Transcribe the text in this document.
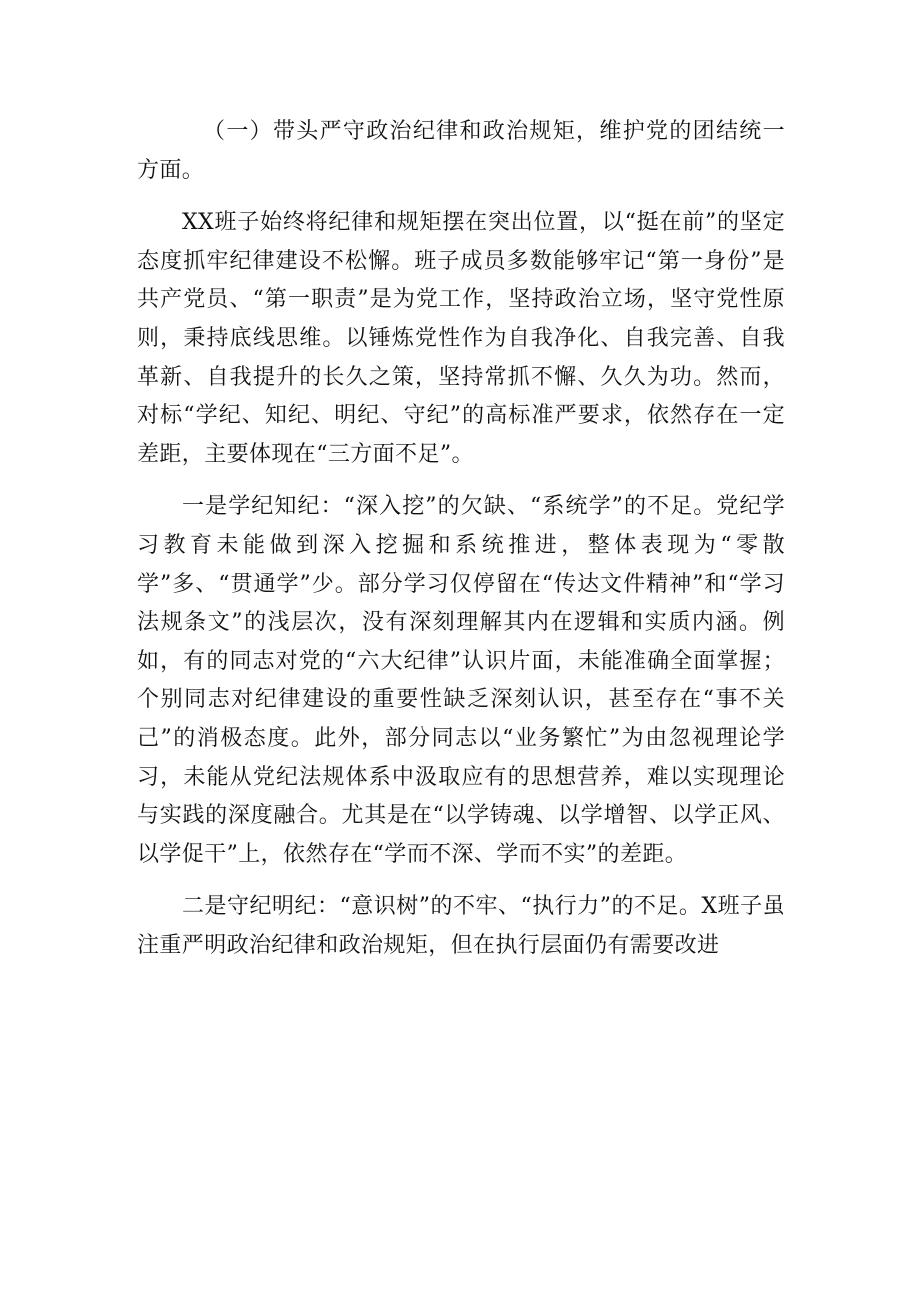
（一）带头严守政治纪律和政治规矩，维护党的团结统一方面。

XX班子始终将纪律和规矩摆在突出位置，以“挺在前”的坚定态度抓牢纪律建设不松懈。班子成员多数能够牢记“第一身份”是共产党员、“第一职责”是为党工作，坚持政治立场，坚守党性原则，秉持底线思维。以锤炼党性作为自我净化、自我完善、自我革新、自我提升的长久之策，坚持常抓不懈、久久为功。然而，对标“学纪、知纪、明纪、守纪”的高标准严要求，依然存在一定差距，主要体现在“三方面不足”。

一是学纪知纪：“深入挖”的欠缺、“系统学”的不足。党纪学习教育未能做到深入挖掘和系统推进，整体表现为“零散学”多、“贯通学”少。部分学习仅停留在“传达文件精神”和“学习法规条文”的浅层次，没有深刻理解其内在逻辑和实质内涵。例如，有的同志对党的“六大纪律”认识片面，未能准确全面掌握；个别同志对纪律建设的重要性缺乏深刻认识，甚至存在“事不关己”的消极态度。此外，部分同志以“业务繁忙”为由忽视理论学习，未能从党纪法规体系中汲取应有的思想营养，难以实现理论与实践的深度融合。尤其是在“以学铸魂、以学增智、以学正风、以学促干”上，依然存在“学而不深、学而不实”的差距。

二是守纪明纪：“意识树”的不牢、“执行力”的不足。X班子虽注重严明政治纪律和政治规矩，但在执行层面仍有需要改进
